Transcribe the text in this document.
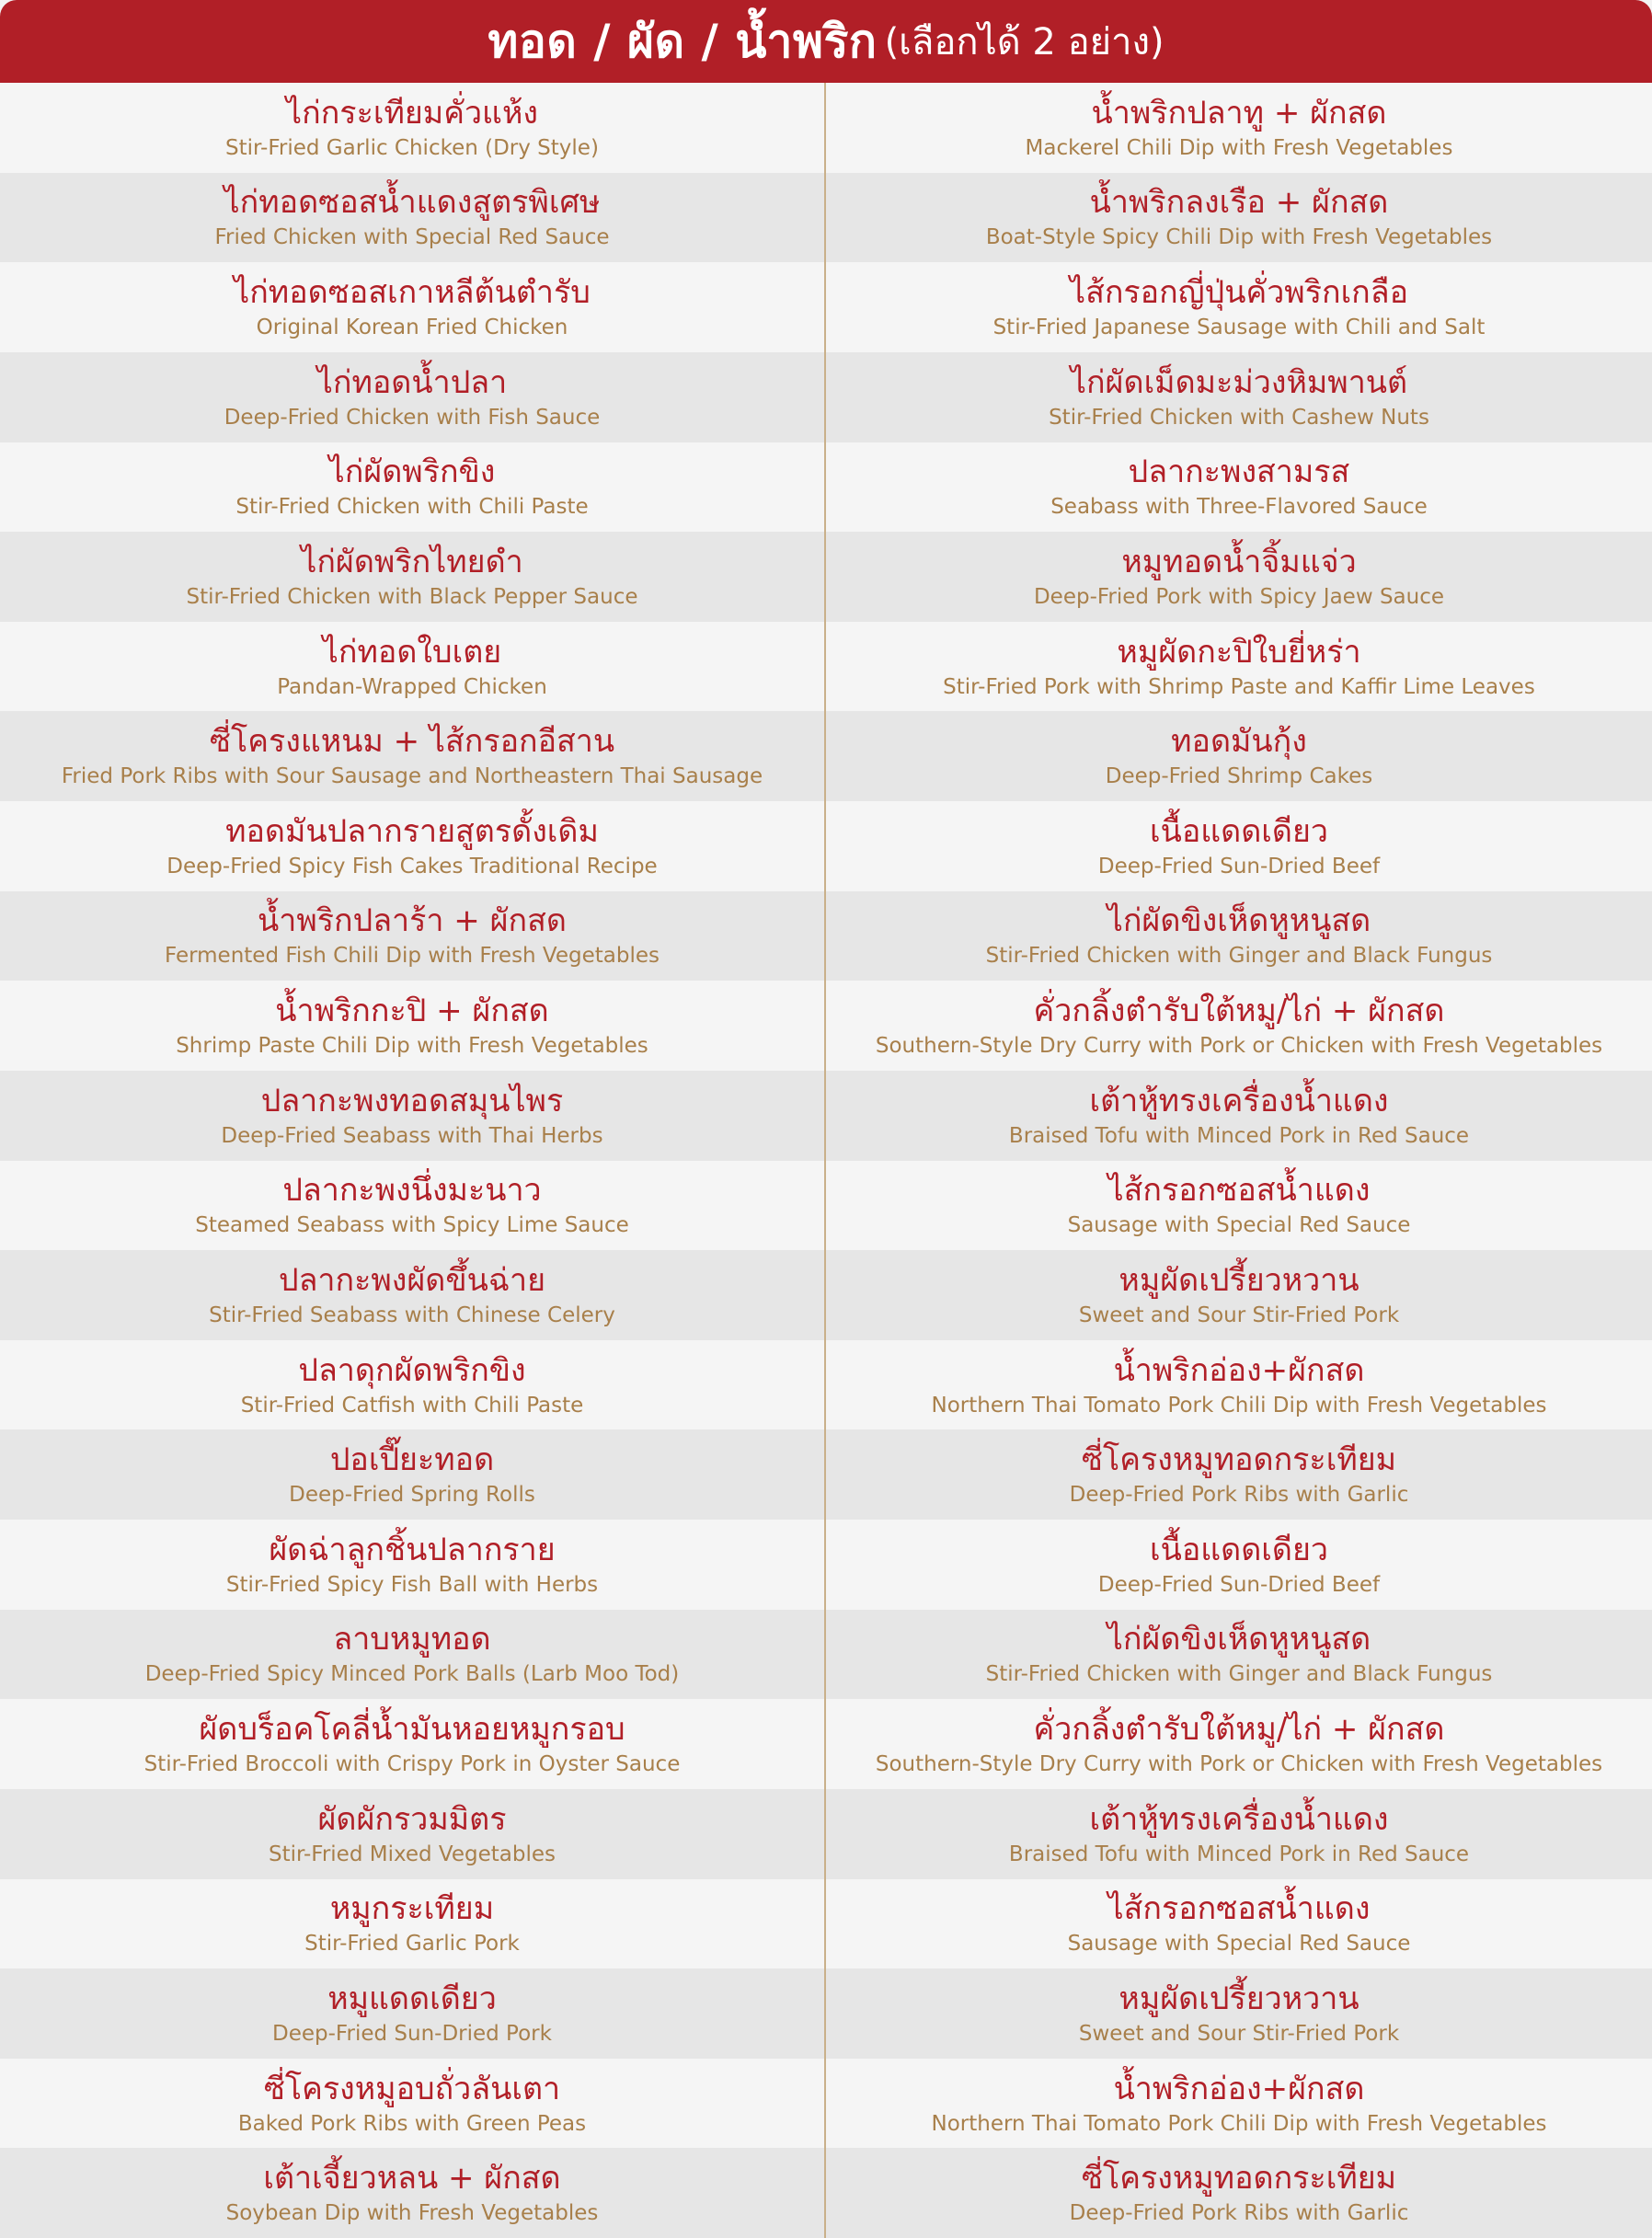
ทอด / ผัด / น้ำพริก (เลือกได้ 2 อย่าง)
ไก่กระเทียมคั่วแห้ง
Stir-Fried Garlic Chicken (Dry Style)
ไก่ทอดซอสน้ำแดงสูตรพิเศษ
Fried Chicken with Special Red Sauce
ไก่ทอดซอสเกาหลีต้นตำรับ
Original Korean Fried Chicken
ไก่ทอดน้ำปลา
Deep-Fried Chicken with Fish Sauce
ไก่ผัดพริกขิง
Stir-Fried Chicken with Chili Paste
ไก่ผัดพริกไทยดำ
Stir-Fried Chicken with Black Pepper Sauce
ไก่ทอดใบเตย
Pandan-Wrapped Chicken
ซี่โครงแหนม + ไส้กรอกอีสาน
Fried Pork Ribs with Sour Sausage and Northeastern Thai Sausage
ทอดมันปลากรายสูตรดั้งเดิม
Deep-Fried Spicy Fish Cakes Traditional Recipe
น้ำพริกปลาร้า + ผักสด
Fermented Fish Chili Dip with Fresh Vegetables
น้ำพริกกะปิ + ผักสด
Shrimp Paste Chili Dip with Fresh Vegetables
ปลากะพงทอดสมุนไพร
Deep-Fried Seabass with Thai Herbs
ปลากะพงนึ่งมะนาว
Steamed Seabass with Spicy Lime Sauce
ปลากะพงผัดขึ้นฉ่าย
Stir-Fried Seabass with Chinese Celery
ปลาดุกผัดพริกขิง
Stir-Fried Catfish with Chili Paste
ปอเปี๊ยะทอด
Deep-Fried Spring Rolls
ผัดฉ่าลูกชิ้นปลากราย
Stir-Fried Spicy Fish Ball with Herbs
ลาบหมูทอด
Deep-Fried Spicy Minced Pork Balls (Larb Moo Tod)
ผัดบร็อคโคลี่น้ำมันหอยหมูกรอบ
Stir-Fried Broccoli with Crispy Pork in Oyster Sauce
ผัดผักรวมมิตร
Stir-Fried Mixed Vegetables
หมูกระเทียม
Stir-Fried Garlic Pork
หมูแดดเดียว
Deep-Fried Sun-Dried Pork
ซี่โครงหมูอบถั่วลันเตา
Baked Pork Ribs with Green Peas
เต้าเจี้ยวหลน + ผักสด
Soybean Dip with Fresh Vegetables
น้ำพริกปลาทู + ผักสด
Mackerel Chili Dip with Fresh Vegetables
น้ำพริกลงเรือ + ผักสด
Boat-Style Spicy Chili Dip with Fresh Vegetables
ไส้กรอกญี่ปุ่นคั่วพริกเกลือ
Stir-Fried Japanese Sausage with Chili and Salt
ไก่ผัดเม็ดมะม่วงหิมพานต์
Stir-Fried Chicken with Cashew Nuts
ปลากะพงสามรส
Seabass with Three-Flavored Sauce
หมูทอดน้ำจิ้มแจ่ว
Deep-Fried Pork with Spicy Jaew Sauce
หมูผัดกะปิใบยี่หร่า
Stir-Fried Pork with Shrimp Paste and Kaffir Lime Leaves
ทอดมันกุ้ง
Deep-Fried Shrimp Cakes
เนื้อแดดเดียว
Deep-Fried Sun-Dried Beef
ไก่ผัดขิงเห็ดหูหนูสด
Stir-Fried Chicken with Ginger and Black Fungus
คั่วกลิ้งตำรับใต้หมู/ไก่ + ผักสด
Southern-Style Dry Curry with Pork or Chicken with Fresh Vegetables
เต้าหู้ทรงเครื่องน้ำแดง
Braised Tofu with Minced Pork in Red Sauce
ไส้กรอกซอสน้ำแดง
Sausage with Special Red Sauce
หมูผัดเปรี้ยวหวาน
Sweet and Sour Stir-Fried Pork
น้ำพริกอ่อง+ผักสด
Northern Thai Tomato Pork Chili Dip with Fresh Vegetables
ซี่โครงหมูทอดกระเทียม
Deep-Fried Pork Ribs with Garlic
เนื้อแดดเดียว
Deep-Fried Sun-Dried Beef
ไก่ผัดขิงเห็ดหูหนูสด
Stir-Fried Chicken with Ginger and Black Fungus
คั่วกลิ้งตำรับใต้หมู/ไก่ + ผักสด
Southern-Style Dry Curry with Pork or Chicken with Fresh Vegetables
เต้าหู้ทรงเครื่องน้ำแดง
Braised Tofu with Minced Pork in Red Sauce
ไส้กรอกซอสน้ำแดง
Sausage with Special Red Sauce
หมูผัดเปรี้ยวหวาน
Sweet and Sour Stir-Fried Pork
น้ำพริกอ่อง+ผักสด
Northern Thai Tomato Pork Chili Dip with Fresh Vegetables
ซี่โครงหมูทอดกระเทียม
Deep-Fried Pork Ribs with Garlic
